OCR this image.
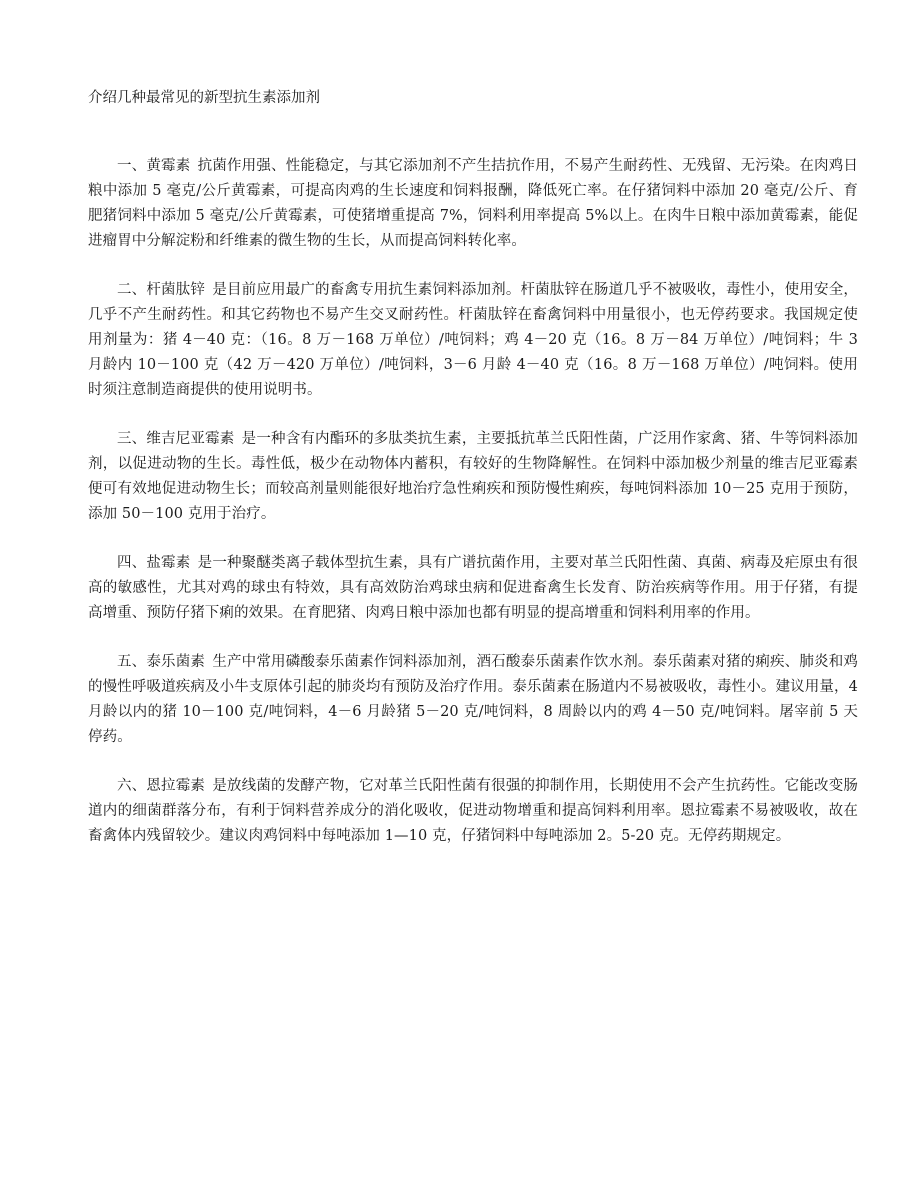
介绍几种最常见的新型抗生素添加剂

一、黄霉素 抗菌作用强、性能稳定，与其它添加剂不产生拮抗作用，不易产生耐药性、无残留、无污染。在肉鸡日粮中添加 5 毫克/公斤黄霉素，可提高肉鸡的生长速度和饲料报酬，降低死亡率。在仔猪饲料中添加 20 毫克/公斤、育肥猪饲料中添加 5 毫克/公斤黄霉素，可使猪增重提高 7%，饲料利用率提高 5%以上。在肉牛日粮中添加黄霉素，能促进瘤胃中分解淀粉和纤维素的微生物的生长，从而提高饲料转化率。

二、杆菌肽锌 是目前应用最广的畜禽专用抗生素饲料添加剂。杆菌肽锌在肠道几乎不被吸收，毒性小，使用安全，几乎不产生耐药性。和其它药物也不易产生交叉耐药性。杆菌肽锌在畜禽饲料中用量很小，也无停药要求。我国规定使用剂量为：猪 4－40 克：（16。8 万－168 万单位）/吨饲料；鸡 4－20 克（16。8 万－84 万单位）/吨饲料；牛 3 月龄内 10－100 克（42 万－420 万单位）/吨饲料，3－6 月龄 4－40 克（16。8 万－168 万单位）/吨饲料。使用时须注意制造商提供的使用说明书。

三、维吉尼亚霉素 是一种含有内酯环的多肽类抗生素，主要抵抗革兰氏阳性菌，广泛用作家禽、猪、牛等饲料添加剂，以促进动物的生长。毒性低，极少在动物体内蓄积，有较好的生物降解性。在饲料中添加极少剂量的维吉尼亚霉素便可有效地促进动物生长；而较高剂量则能很好地治疗急性痢疾和预防慢性痢疾，每吨饲料添加 10－25 克用于预防，添加 50－100 克用于治疗。

四、盐霉素 是一种聚醚类离子载体型抗生素，具有广谱抗菌作用，主要对革兰氏阳性菌、真菌、病毒及疟原虫有很高的敏感性，尤其对鸡的球虫有特效，具有高效防治鸡球虫病和促进畜禽生长发育、防治疾病等作用。用于仔猪，有提高增重、预防仔猪下痢的效果。在育肥猪、肉鸡日粮中添加也都有明显的提高增重和饲料利用率的作用。

五、泰乐菌素 生产中常用磷酸泰乐菌素作饲料添加剂，酒石酸泰乐菌素作饮水剂。泰乐菌素对猪的痢疾、肺炎和鸡的慢性呼吸道疾病及小牛支原体引起的肺炎均有预防及治疗作用。泰乐菌素在肠道内不易被吸收，毒性小。建议用量，4 月龄以内的猪 10－100 克/吨饲料，4－6 月龄猪 5－20 克/吨饲料，8 周龄以内的鸡 4－50 克/吨饲料。屠宰前 5 天停药。

六、恩拉霉素 是放线菌的发酵产物，它对革兰氏阳性菌有很强的抑制作用，长期使用不会产生抗药性。它能改变肠道内的细菌群落分布，有利于饲料营养成分的消化吸收，促进动物增重和提高饲料利用率。恩拉霉素不易被吸收，故在畜禽体内残留较少。建议肉鸡饲料中每吨添加 1—10 克，仔猪饲料中每吨添加 2。5-20 克。无停药期规定。
